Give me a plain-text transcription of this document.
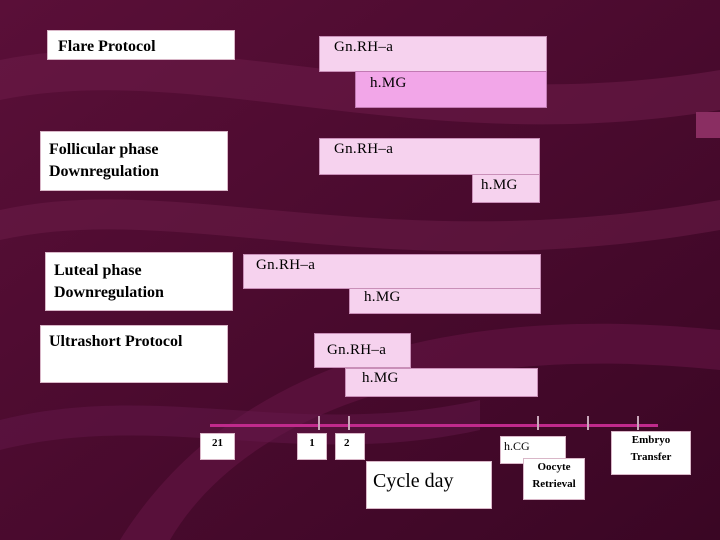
Flare Protocol	Gn.RH–a
h.MG
Follicular phase
Downregulation
Gn.RH–a
h.MG
Luteal phase
Downregulation
Gn.RH–a
h.MG
Ultrashort Protocol	Gn.RH–a
h.MG
21	1	2
Cycle day
h.CG
Oocyte
Retrieval
Embryo
Transfer
